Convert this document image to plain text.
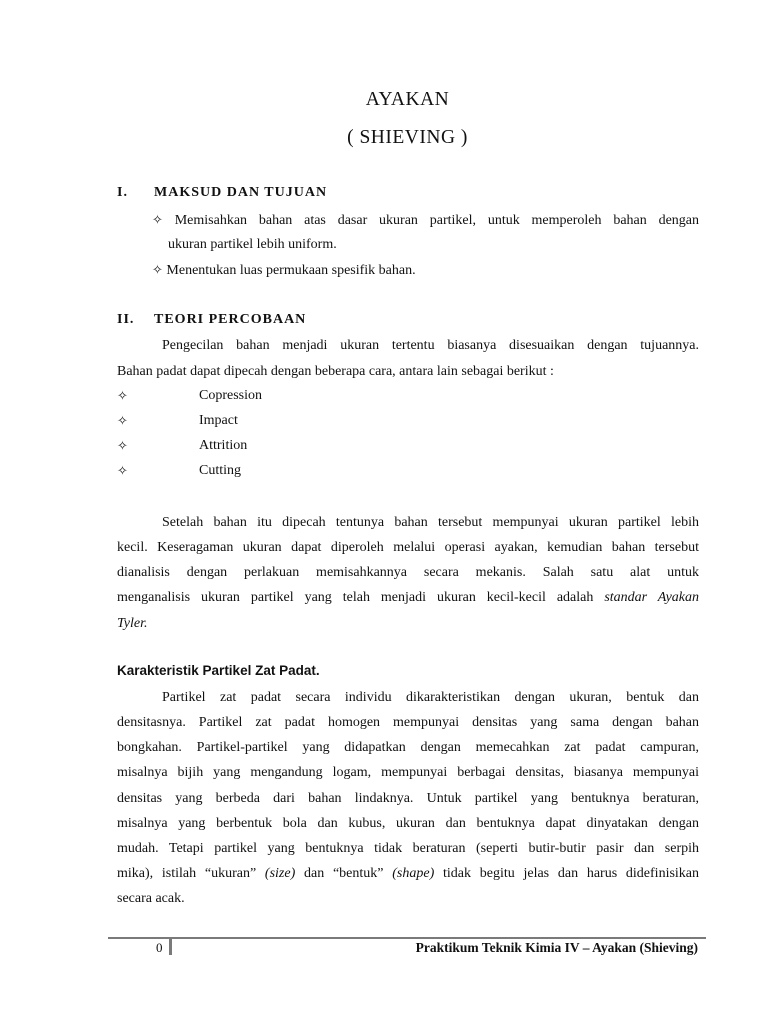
AYAKAN
( SHIEVING )
I. MAKSUD DAN TUJUAN
✧ Memisahkan bahan atas dasar ukuran partikel, untuk memperoleh bahan dengan
ukuran partikel lebih uniform.
✧ Menentukan luas permukaan spesifik bahan.
II. TEORI PERCOBAAN
Pengecilan bahan menjadi ukuran tertentu biasanya disesuaikan dengan tujuannya.
Bahan padat dapat dipecah dengan beberapa cara, antara lain sebagai berikut :
✧	Copression
✧	Impact
✧	Attrition
✧	Cutting
Setelah bahan itu dipecah tentunya bahan tersebut mempunyai ukuran partikel lebih
kecil. Keseragaman ukuran dapat diperoleh melalui operasi ayakan, kemudian bahan tersebut
dianalisis dengan perlakuan memisahkannya secara mekanis. Salah satu alat untuk
menganalisis ukuran partikel yang telah menjadi ukuran kecil-kecil adalah standar Ayakan
Tyler.
Karakteristik Partikel Zat Padat.
Partikel zat padat secara individu dikarakteristikan dengan ukuran, bentuk dan
densitasnya. Partikel zat padat homogen mempunyai densitas yang sama dengan bahan
bongkahan. Partikel-partikel yang didapatkan dengan memecahkan zat padat campuran,
misalnya bijih yang mengandung logam, mempunyai berbagai densitas, biasanya mempunyai
densitas yang berbeda dari bahan lindaknya. Untuk partikel yang bentuknya beraturan,
misalnya yang berbentuk bola dan kubus, ukuran dan bentuknya dapat dinyatakan dengan
mudah. Tetapi partikel yang bentuknya tidak beraturan (seperti butir-butir pasir dan serpih
mika), istilah “ukuran” (size) dan “bentuk” (shape) tidak begitu jelas dan harus didefinisikan
secara acak.
0	Praktikum Teknik Kimia IV – Ayakan (Shieving)
